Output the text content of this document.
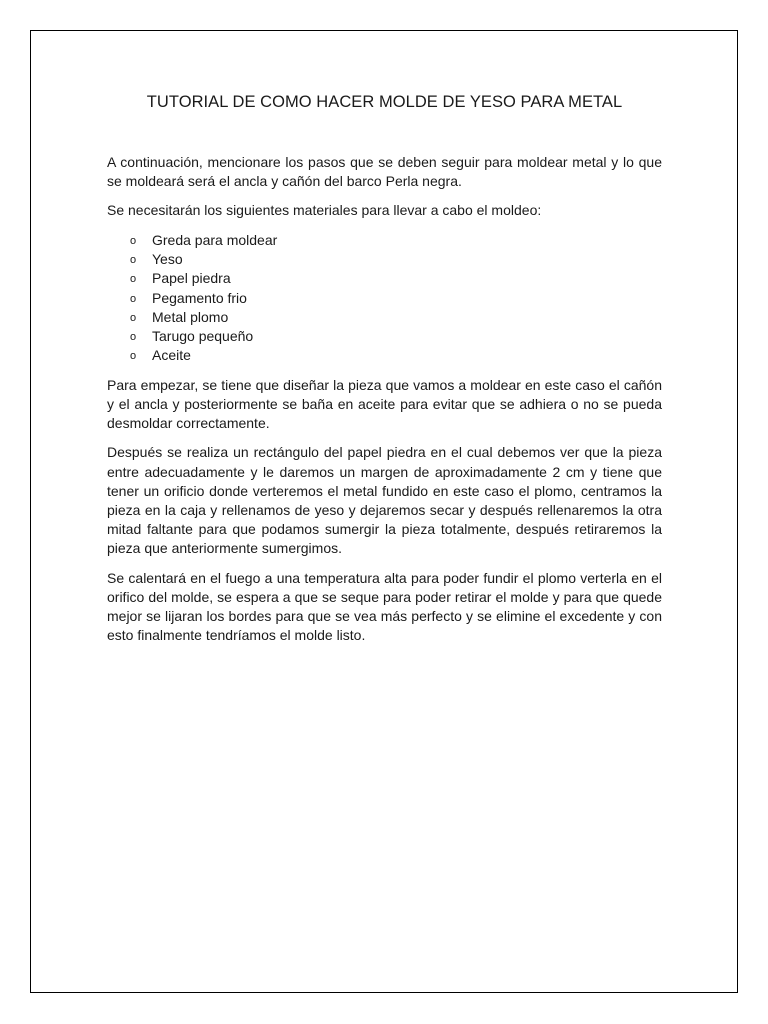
TUTORIAL DE COMO HACER MOLDE DE YESO PARA METAL

A continuación, mencionare los pasos que se deben seguir para moldear metal y lo que se moldeará será el ancla y cañón del barco Perla negra.

Se necesitarán los siguientes materiales para llevar a cabo el moldeo:

o Greda para moldear
o Yeso
o Papel piedra
o Pegamento frio
o Metal plomo
o Tarugo pequeño
o Aceite

Para empezar, se tiene que diseñar la pieza que vamos a moldear en este caso el cañón y el ancla y posteriormente se baña en aceite para evitar que se adhiera o no se pueda desmoldar correctamente.

Después se realiza un rectángulo del papel piedra en el cual debemos ver que la pieza entre adecuadamente y le daremos un margen de aproximadamente 2 cm y tiene que tener un orificio donde verteremos el metal fundido en este caso el plomo, centramos la pieza en la caja y rellenamos de yeso y dejaremos secar y después rellenaremos la otra mitad faltante para que podamos sumergir la pieza totalmente, después retiraremos la pieza que anteriormente sumergimos.

Se calentará en el fuego a una temperatura alta para poder fundir el plomo verterla en el orifico del molde, se espera a que se seque para poder retirar el molde y para que quede mejor se lijaran los bordes para que se vea más perfecto y se elimine el excedente y con esto finalmente tendríamos el molde listo.
